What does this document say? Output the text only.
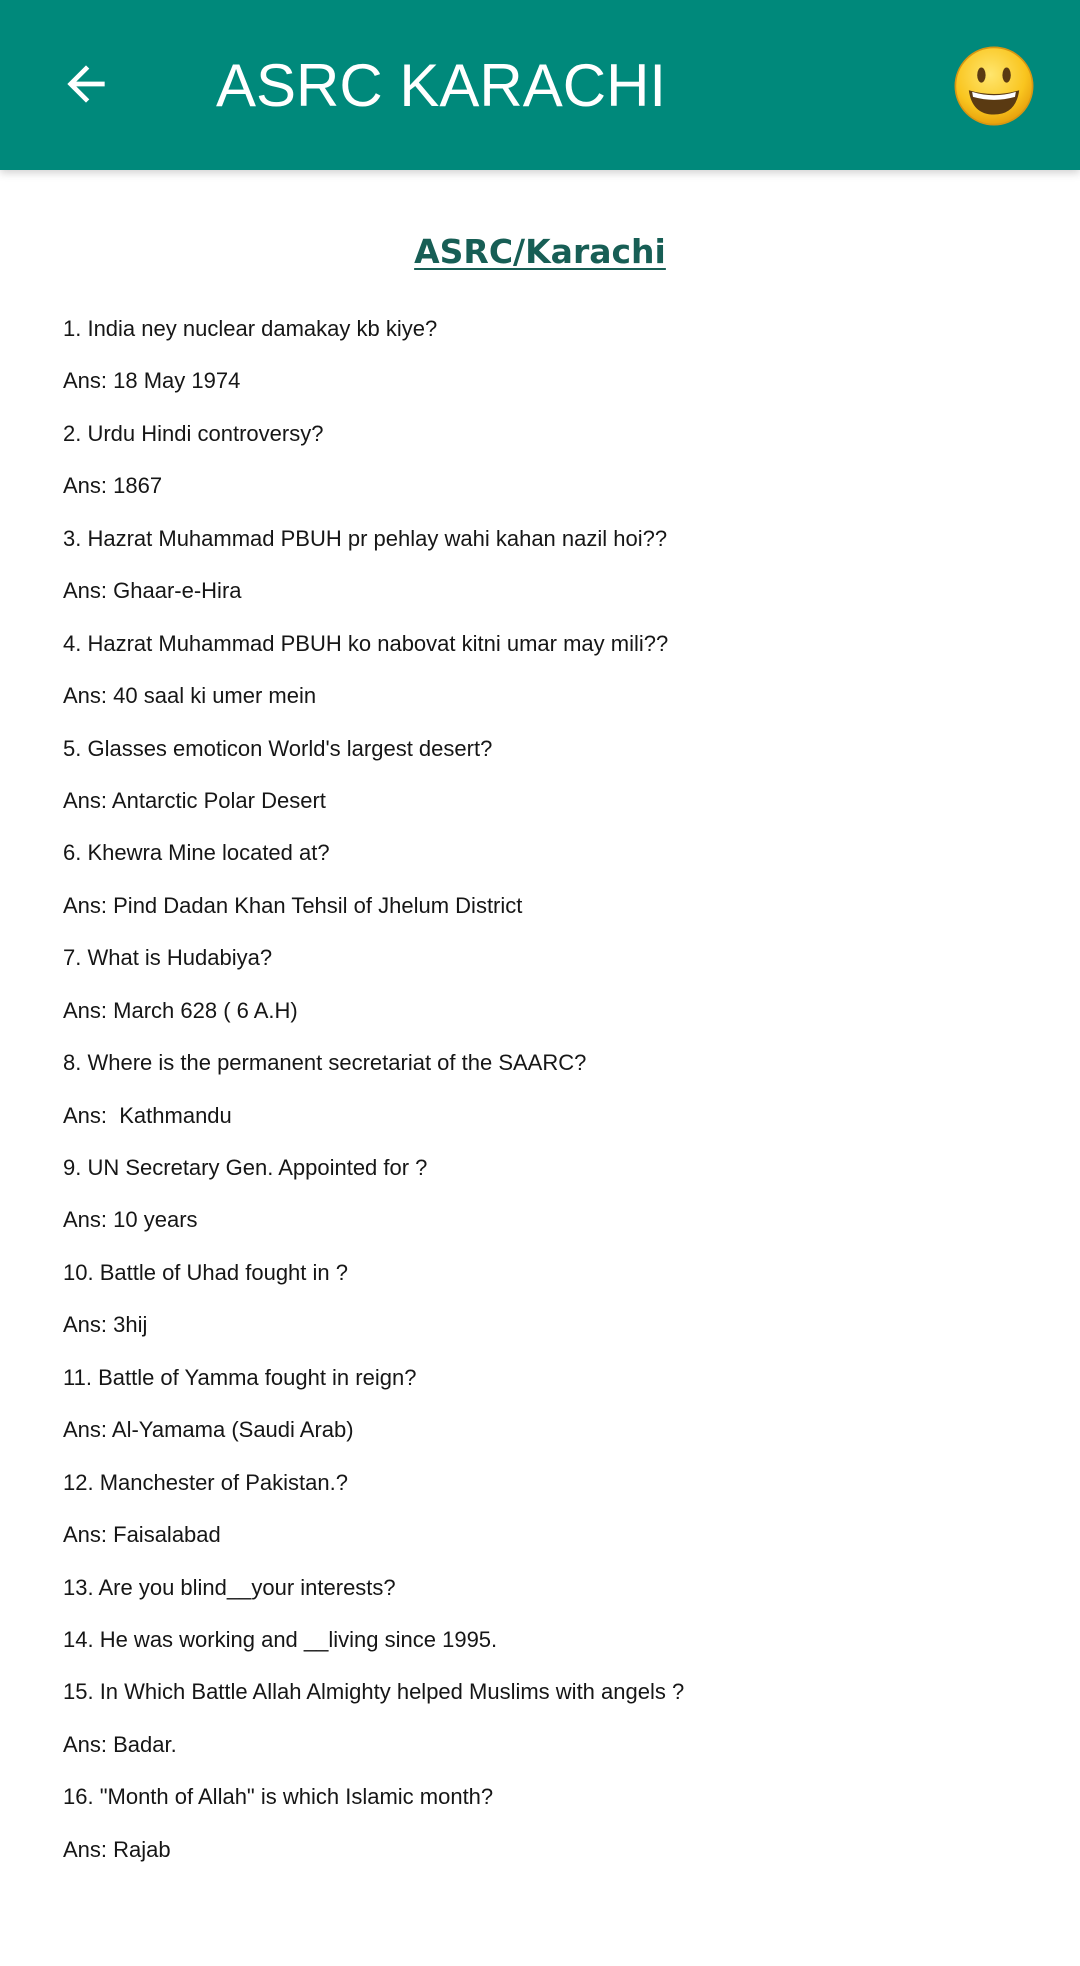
ASRC KARACHI
ASRC/Karachi
1. India ney nuclear damakay kb kiye?
Ans: 18 May 1974
2. Urdu Hindi controversy?
Ans: 1867
3. Hazrat Muhammad PBUH pr pehlay wahi kahan nazil hoi??
Ans: Ghaar-e-Hira
4. Hazrat Muhammad PBUH ko nabovat kitni umar may mili??
Ans: 40 saal ki umer mein
5. Glasses emoticon World's largest desert?
Ans: Antarctic Polar Desert
6. Khewra Mine located at?
Ans: Pind Dadan Khan Tehsil of Jhelum District
7. What is Hudabiya?
Ans: March 628 ( 6 A.H)
8. Where is the permanent secretariat of the SAARC?
Ans:  Kathmandu
9. UN Secretary Gen. Appointed for ?
Ans: 10 years
10. Battle of Uhad fought in ?
Ans: 3hij
11. Battle of Yamma fought in reign?
Ans: Al-Yamama (Saudi Arab)
12. Manchester of Pakistan.?
Ans: Faisalabad
13. Are you blind__your interests?
14. He was working and __living since 1995.
15. In Which Battle Allah Almighty helped Muslims with angels ?
Ans: Badar.
16. "Month of Allah" is which Islamic month?
Ans: Rajab
